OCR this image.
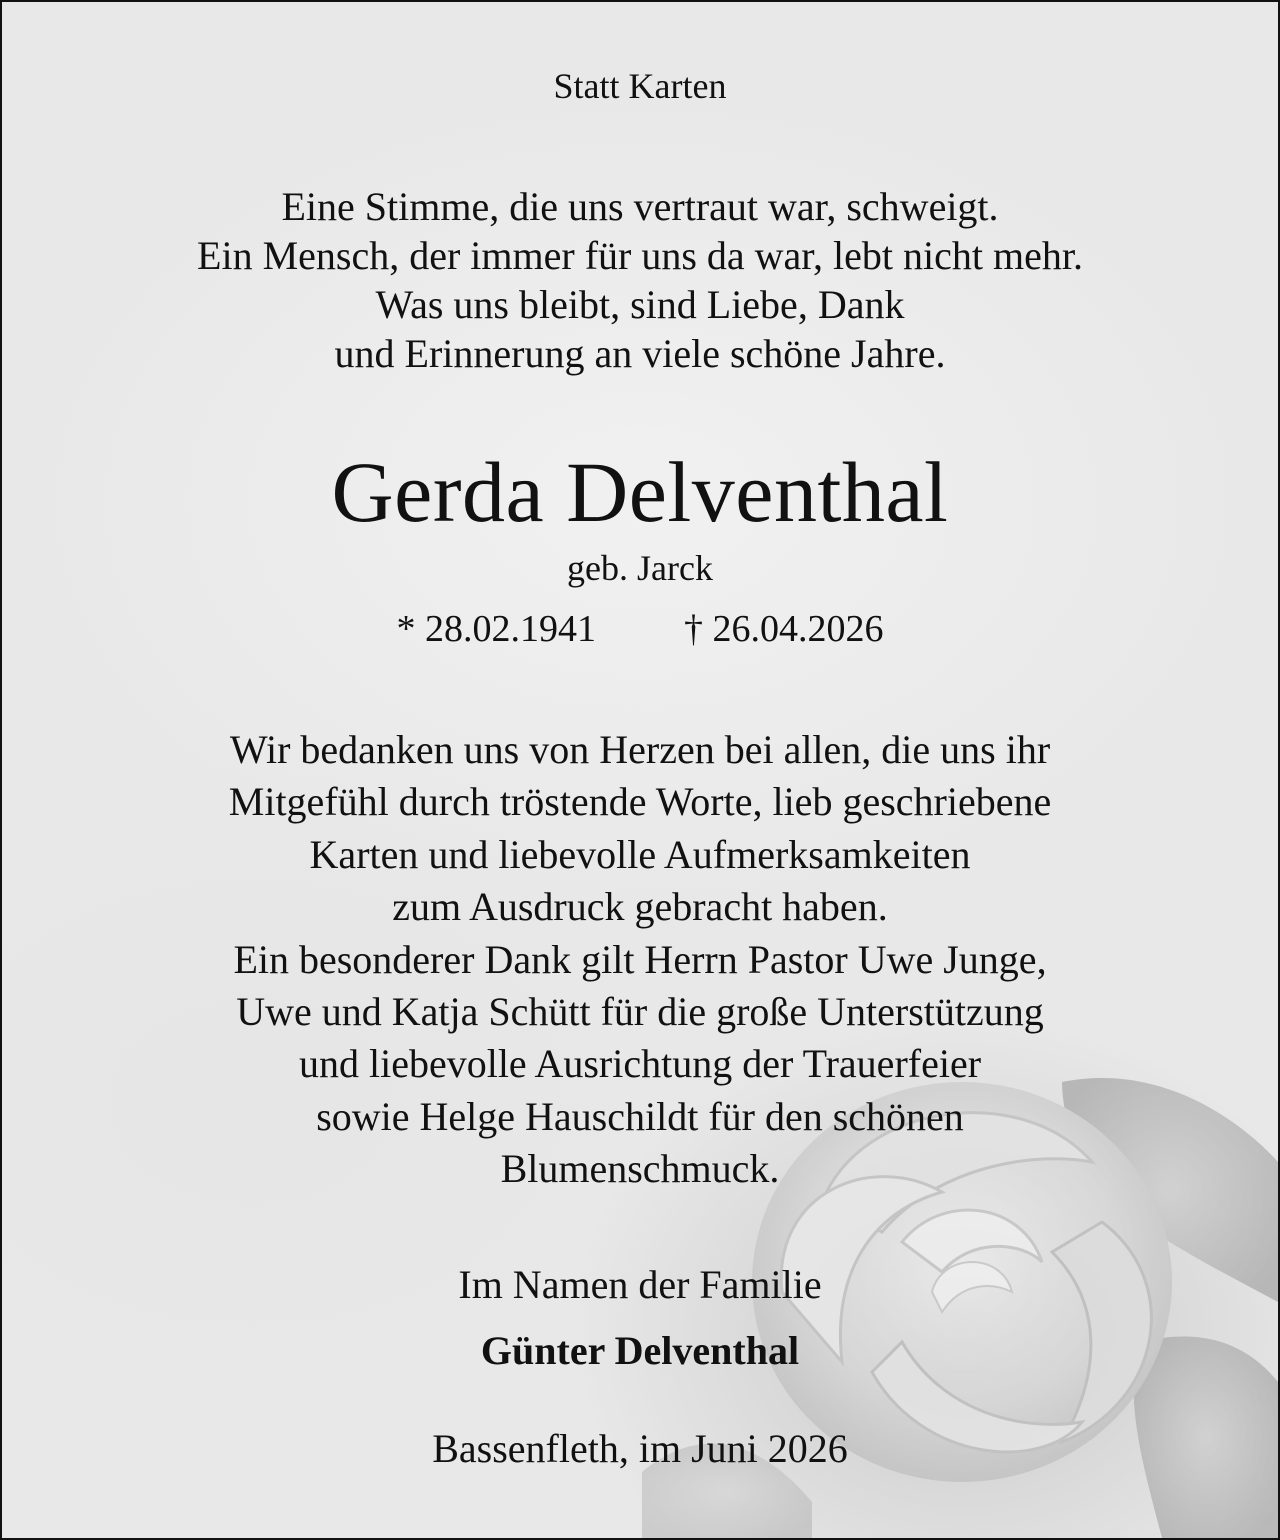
Statt Karten
Eine Stimme, die uns vertraut war, schweigt.
Ein Mensch, der immer für uns da war, lebt nicht mehr.
Was uns bleibt, sind Liebe, Dank
und Erinnerung an viele schöne Jahre.
Gerda Delventhal
geb. Jarck
* 28.02.1941 † 26.04.2026
Wir bedanken uns von Herzen bei allen, die uns ihr
Mitgefühl durch tröstende Worte, lieb geschriebene
Karten und liebevolle Aufmerksamkeiten
zum Ausdruck gebracht haben.
Ein besonderer Dank gilt Herrn Pastor Uwe Junge,
Uwe und Katja Schütt für die große Unterstützung
und liebevolle Ausrichtung der Trauerfeier
sowie Helge Hauschildt für den schönen
Blumenschmuck.
Im Namen der Familie
Günter Delventhal
Bassenfleth, im Juni 2026
